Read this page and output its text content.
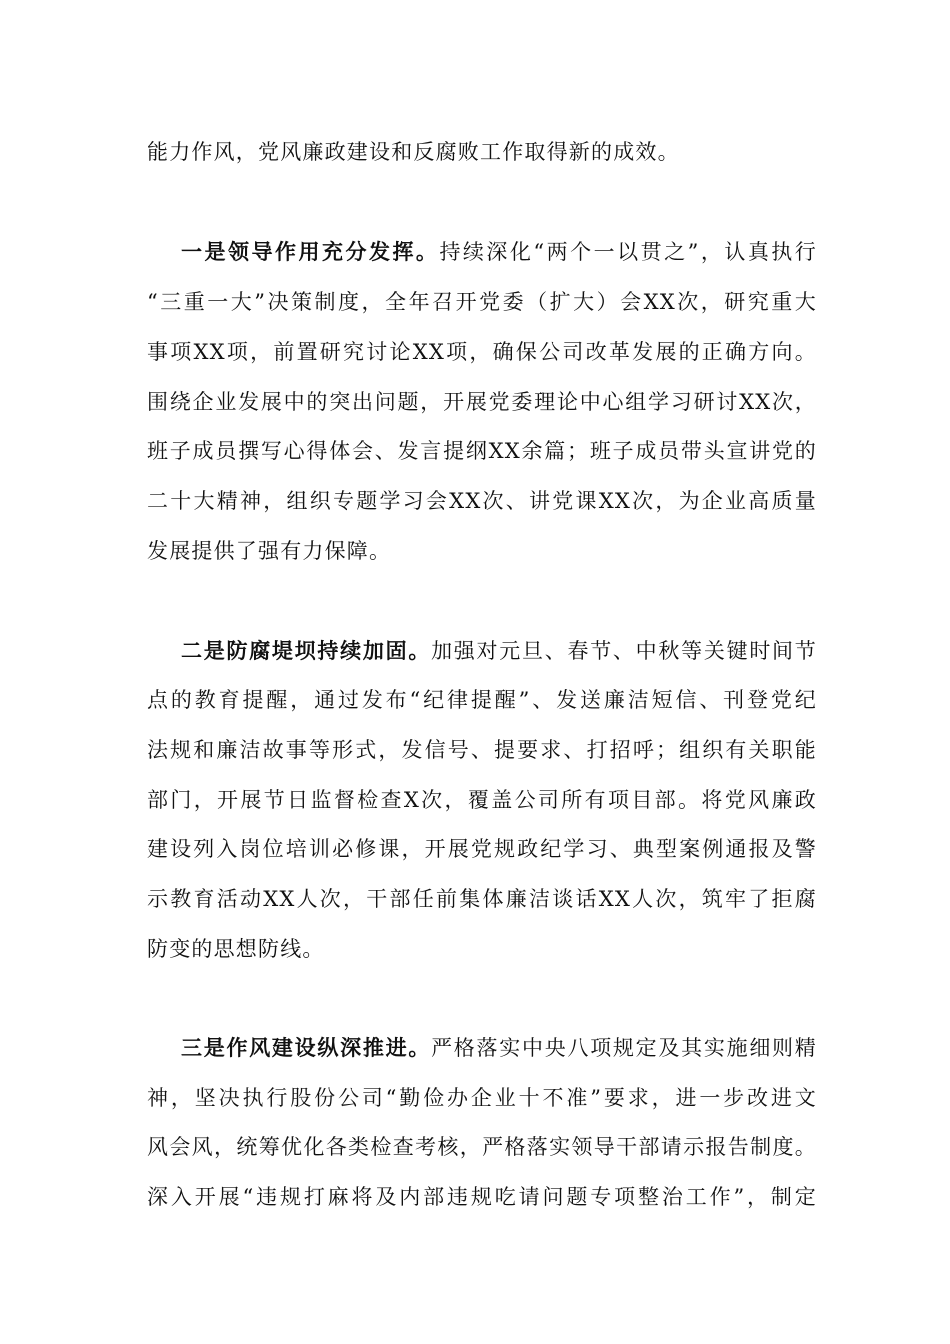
能力作风，党风廉政建设和反腐败工作取得新的成效。
一是领导作用充分发挥。持续深化“两个一以贯之”，认真执行
“三重一大”决策制度，全年召开党委（扩大）会XX次，研究重大
事项XX项，前置研究讨论XX项，确保公司改革发展的正确方向。
围绕企业发展中的突出问题，开展党委理论中心组学习研讨XX次，
班子成员撰写心得体会、发言提纲XX余篇；班子成员带头宣讲党的
二十大精神，组织专题学习会XX次、讲党课XX次，为企业高质量
发展提供了强有力保障。
二是防腐堤坝持续加固。加强对元旦、春节、中秋等关键时间节
点的教育提醒，通过发布“纪律提醒”、发送廉洁短信、刊登党纪
法规和廉洁故事等形式，发信号、提要求、打招呼；组织有关职能
部门，开展节日监督检查X次，覆盖公司所有项目部。将党风廉政
建设列入岗位培训必修课，开展党规政纪学习、典型案例通报及警
示教育活动XX人次，干部任前集体廉洁谈话XX人次，筑牢了拒腐
防变的思想防线。
三是作风建设纵深推进。严格落实中央八项规定及其实施细则精
神，坚决执行股份公司“勤俭办企业十不准”要求，进一步改进文
风会风，统筹优化各类检查考核，严格落实领导干部请示报告制度。
深入开展“违规打麻将及内部违规吃请问题专项整治工作”，制定
